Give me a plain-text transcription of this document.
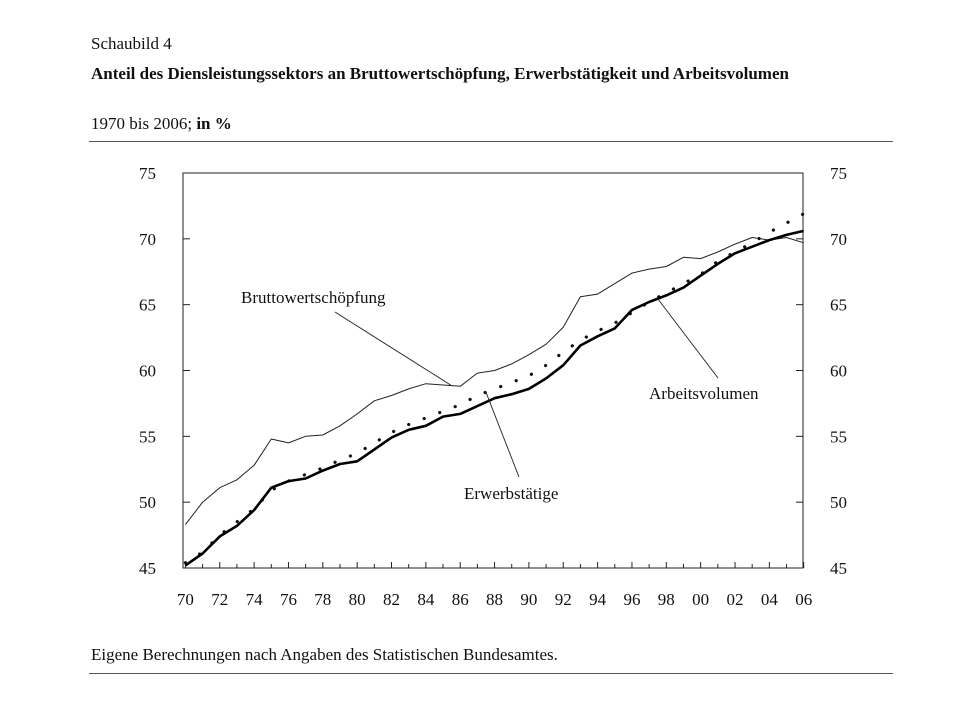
Schaubild 4
Anteil des Diensleistungssektors an Bruttowertschöpfung, Erwerbstätigkeit und Arbeitsvolumen
1970 bis 2006; in %
45
50
55
60
65
70
75
45
50
55
60
65
70
75
70 72 74 76 78 80 82 84 86 88 90 92 94 96 98 00 02 04 06
Bruttowertschöpfung
Erwerbstätige
Arbeitsvolumen
Eigene Berechnungen nach Angaben des Statistischen Bundesamtes.
